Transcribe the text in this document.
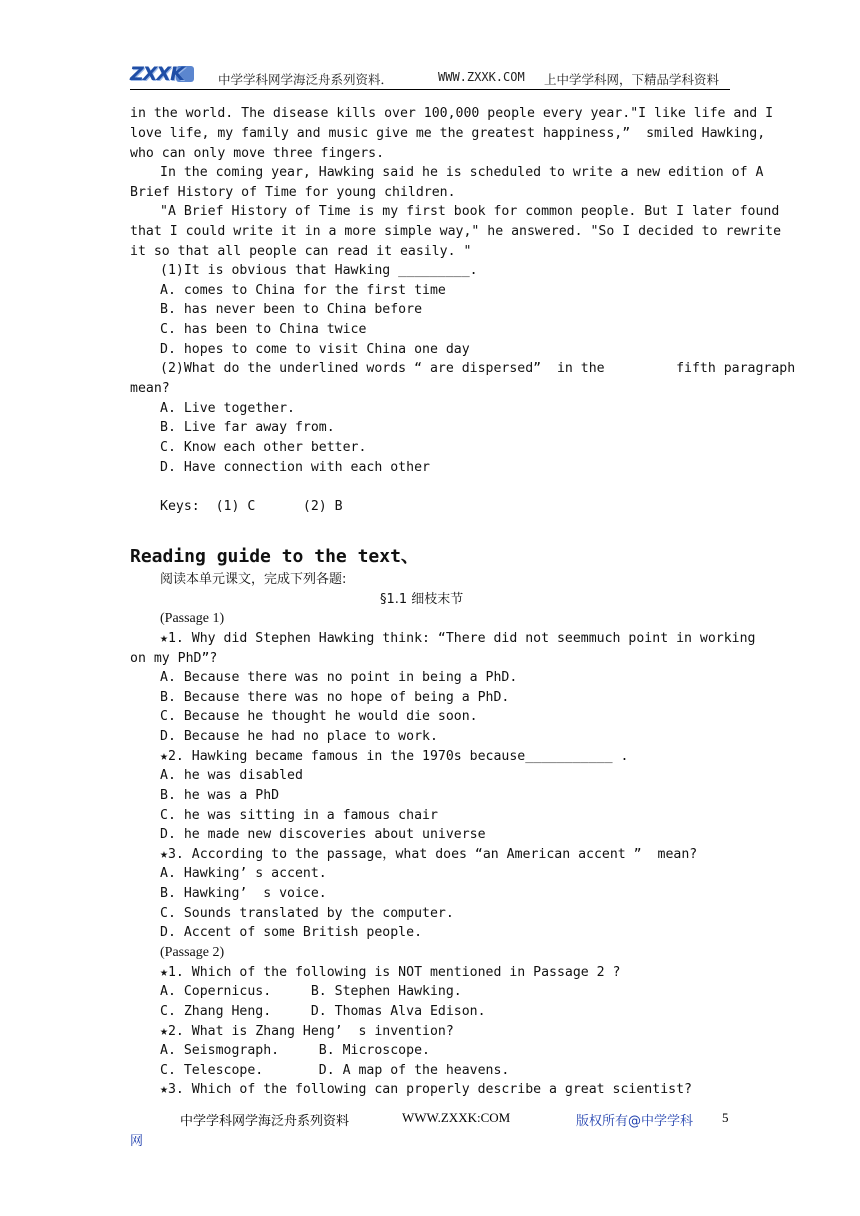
ZXXK	中学学科网学海泛舟系列资料．	WWW.ZXXK.COM 上中学学科网，下精品学科资料
in the world. The disease kills over 100,000 people every year."I like life and I
love life, my family and music give me the greatest happiness,”  smiled Hawking,
who can only move three fingers.
In the coming year, Hawking said he is scheduled to write a new edition of A
Brief History of Time for young children.
"A Brief History of Time is my first book for common people. But I later found
that I could write it in a more simple way," he answered. "So I decided to rewrite
it so that all people can read it easily. "
(1)It is obvious that Hawking _________.
A. comes to China for the first time
B. has never been to China before
C. has been to China twice
D. hopes to come to visit China one day
(2)What do the underlined words “ are dispersed”  in the         fifth paragraph
mean?
A. Live together.
B. Live far away from.
C. Know each other better.
D. Have connection with each other
Keys:  (1) C      (2) B
Reading guide to the text、
阅读本单元课文，完成下列各题:
§1.1 细枝末节
(Passage 1)
★1. Why did Stephen Hawking think: “There did not seemmuch point in working
on my PhD”?
A. Because there was no point in being a PhD.
B. Because there was no hope of being a PhD.
C. Because he thought he would die soon.
D. Because he had no place to work.
★2. Hawking became famous in the 1970s because___________ .
A. he was disabled
B. he was a PhD
C. he was sitting in a famous chair
D. he made new discoveries about universe
★3. According to the passage，what does “an American accent ”  mean?
A. Hawking’ s accent.
B. Hawking’  s voice.
C. Sounds translated by the computer.
D. Accent of some British people.
(Passage 2)
★1. Which of the following is NOT mentioned in Passage 2 ?
A. Copernicus.     B. Stephen Hawking.
C. Zhang Heng.     D. Thomas Alva Edison.
★2. What is Zhang Heng’  s invention?
A. Seismograph.     B. Microscope.
C. Telescope.       D. A map of the heavens.
★3. Which of the following can properly describe a great scientist?
中学学科网学海泛舟系列资料	WWW.ZXXK:COM	版权所有@中学学科 5
网
